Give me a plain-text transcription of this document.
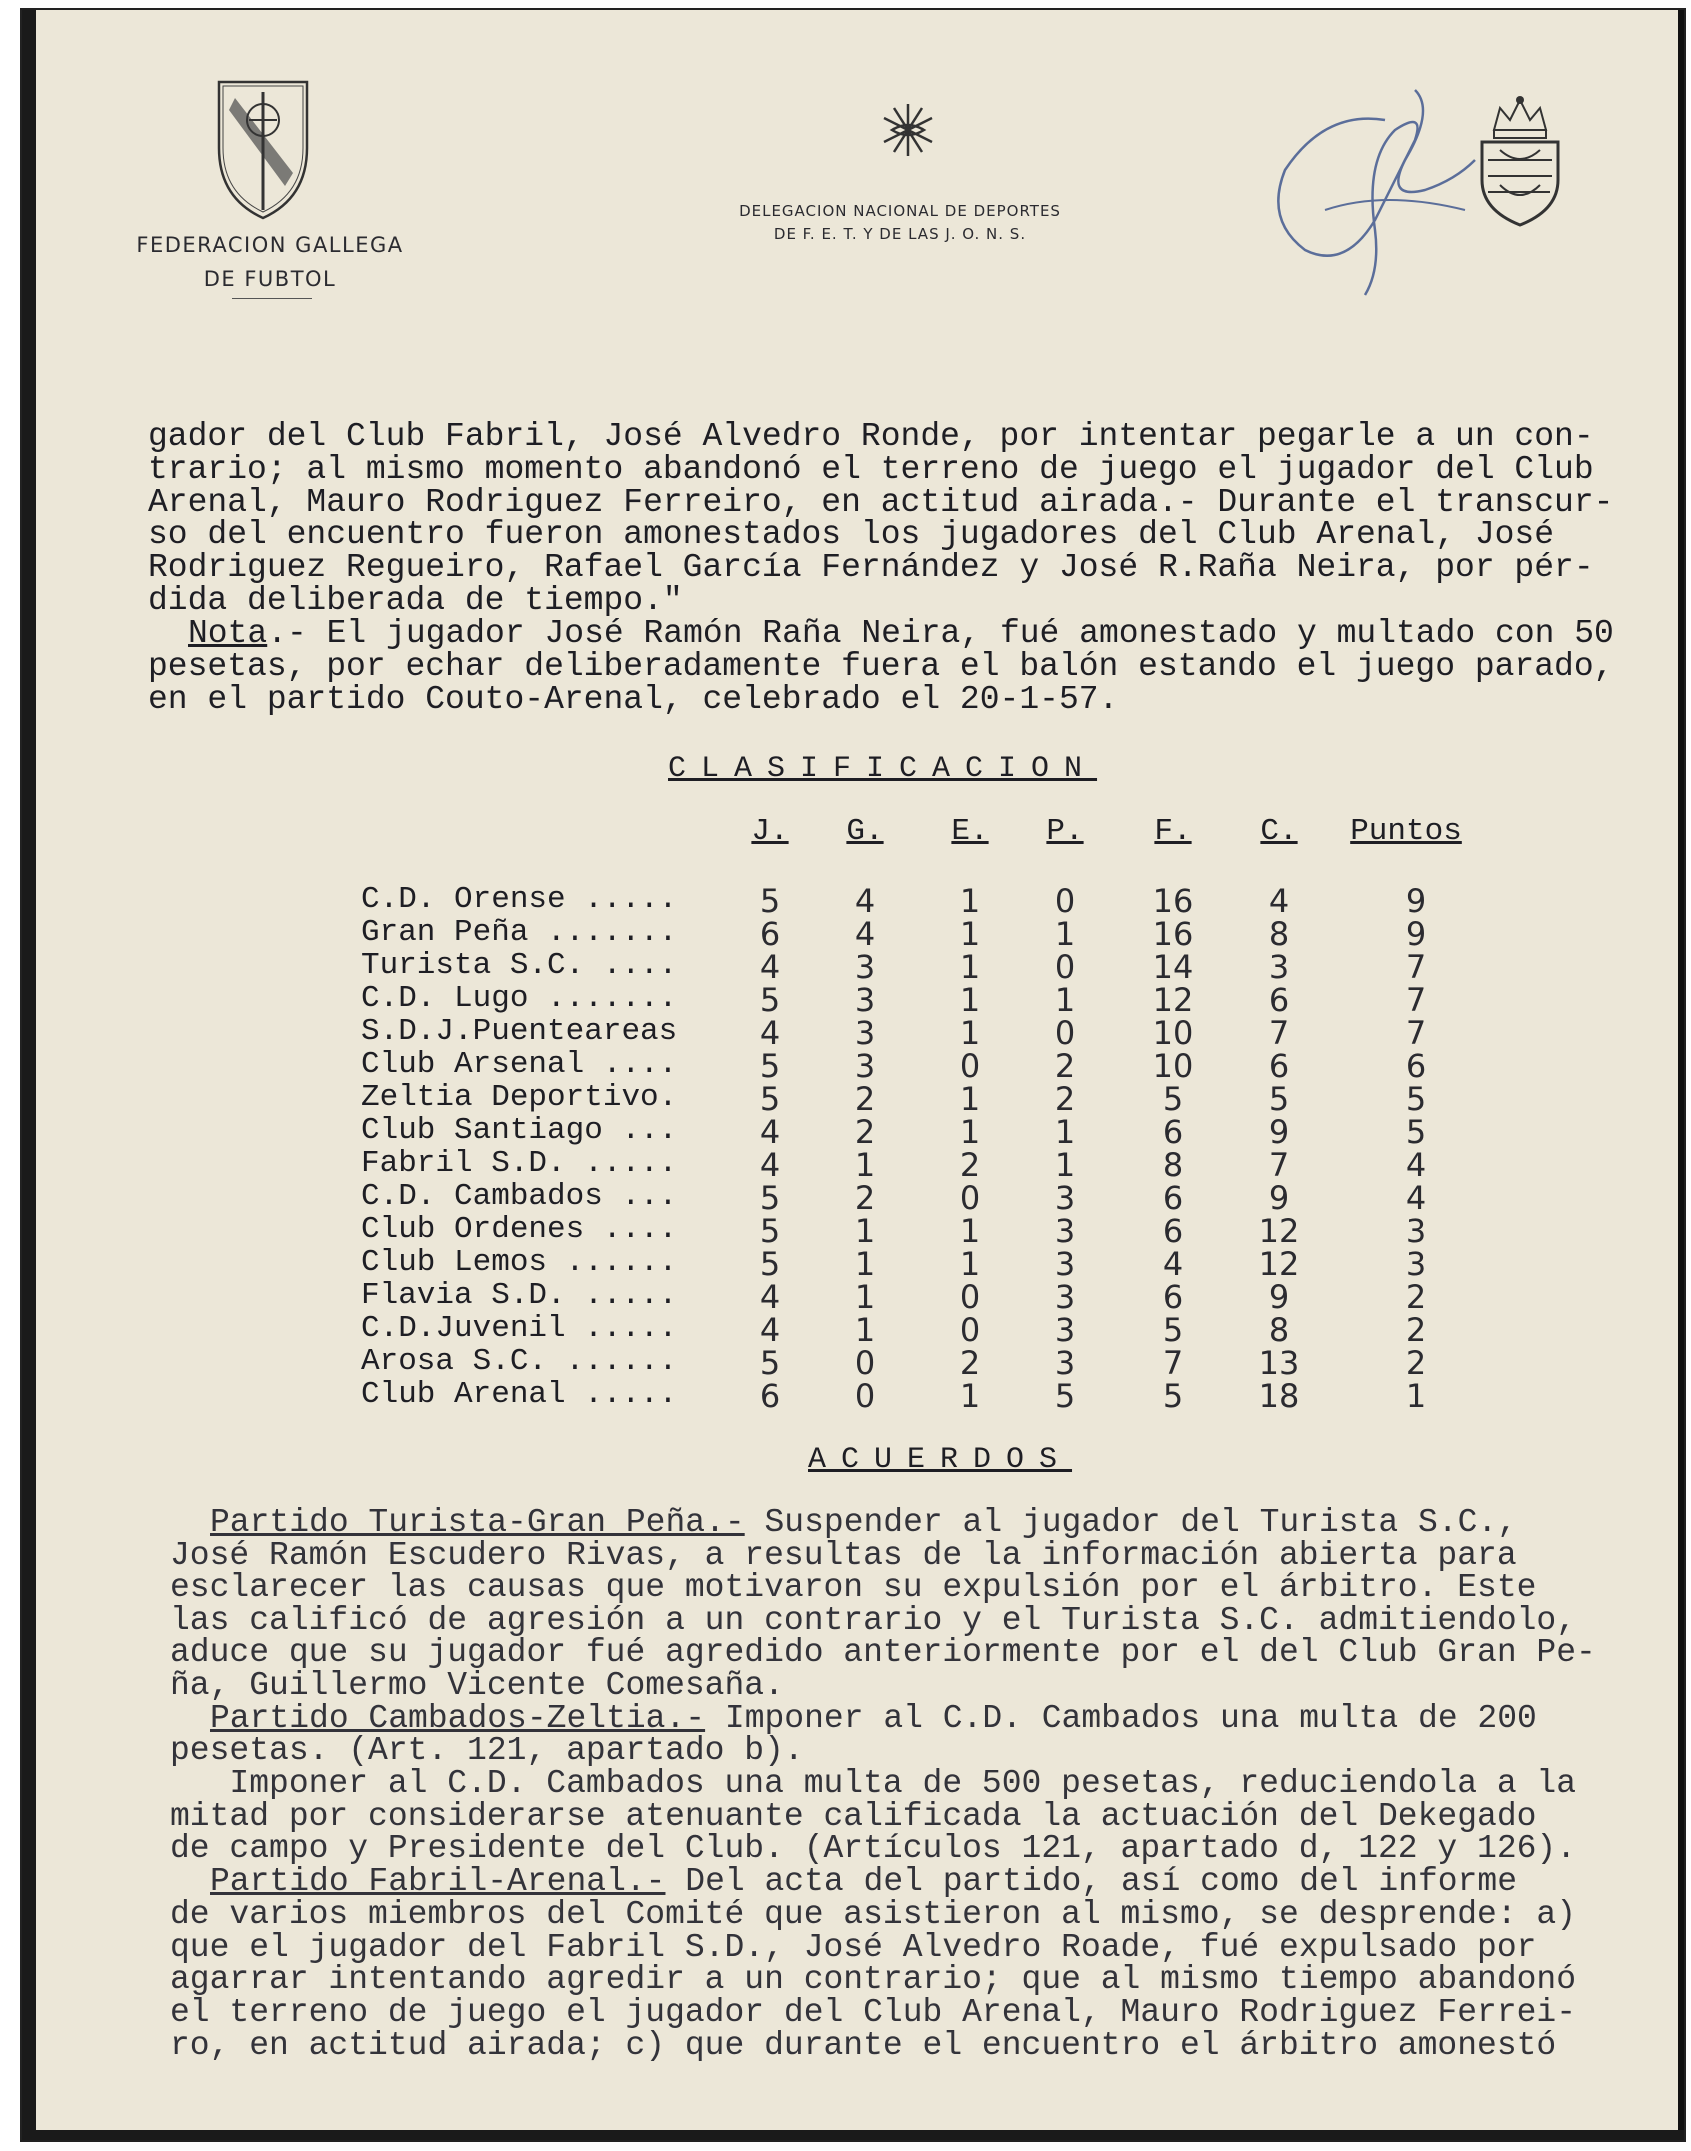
FEDERACION GALLEGA
DE FUBTOL
DELEGACION NACIONAL DE DEPORTES
DE F. E. T. Y DE LAS J. O. N. S.
gador del Club Fabril, José Alvedro Ronde, por intentar pegarle a un con-
trario; al mismo momento abandonó el terreno de juego el jugador del Club
Arenal, Mauro Rodriguez Ferreiro, en actitud airada.- Durante el transcur-
so del encuentro fueron amonestados los jugadores del Club Arenal, José
Rodriguez Regueiro, Rafael García Fernández y José R.Raña Neira, por pér-
dida deliberada de tiempo."
Nota.- El jugador José Ramón Raña Neira, fué amonestado y multado con 50
pesetas, por echar deliberadamente fuera el balón estando el juego parado,
en el partido Couto-Arenal, celebrado el 20-1-57.
CLASIFICACION
J.	G.	E.	P.	F.	C.	Puntos
C.D. Orense .....	5	4	1	0	16	4	9
Gran Peña .......	6	4	1	1	16	8	9
Turista S.C. ....	4	3	1	0	14	3	7
C.D. Lugo .......	5	3	1	1	12	6	7
S.D.J.Puenteareas	4	3	1	0	10	7	7
Club Arsenal ....	5	3	0	2	10	6	6
Zeltia Deportivo.	5	2	1	2	5	5	5
Club Santiago ...	4	2	1	1	6	9	5
Fabril S.D. .....	4	1	2	1	8	7	4
C.D. Cambados ...	5	2	0	3	6	9	4
Club Ordenes ....	5	1	1	3	6	12	3
Club Lemos ......	5	1	1	3	4	12	3
Flavia S.D. .....	4	1	0	3	6	9	2
C.D.Juvenil .....	4	1	0	3	5	8	2
Arosa S.C. ......	5	0	2	3	7	13	2
Club Arenal .....	6	0	1	5	5	18	1
ACUERDOS
Partido Turista-Gran Peña.- Suspender al jugador del Turista S.C.,
José Ramón Escudero Rivas, a resultas de la información abierta para
esclarecer las causas que motivaron su expulsión por el árbitro. Este
las calificó de agresión a un contrario y el Turista S.C. admitiendolo,
aduce que su jugador fué agredido anteriormente por el del Club Gran Pe-
ña, Guillermo Vicente Comesaña.
Partido Cambados-Zeltia.- Imponer al C.D. Cambados una multa de 200
pesetas. (Art. 121, apartado b).
Imponer al C.D. Cambados una multa de 500 pesetas, reduciendola a la
mitad por considerarse atenuante calificada la actuación del Dekegado
de campo y Presidente del Club. (Artículos 121, apartado d, 122 y 126).
Partido Fabril-Arenal.- Del acta del partido, así como del informe
de varios miembros del Comité que asistieron al mismo, se desprende: a)
que el jugador del Fabril S.D., José Alvedro Roade, fué expulsado por
agarrar intentando agredir a un contrario; que al mismo tiempo abandonó
el terreno de juego el jugador del Club Arenal, Mauro Rodriguez Ferrei-
ro, en actitud airada; c) que durante el encuentro el árbitro amonestó
